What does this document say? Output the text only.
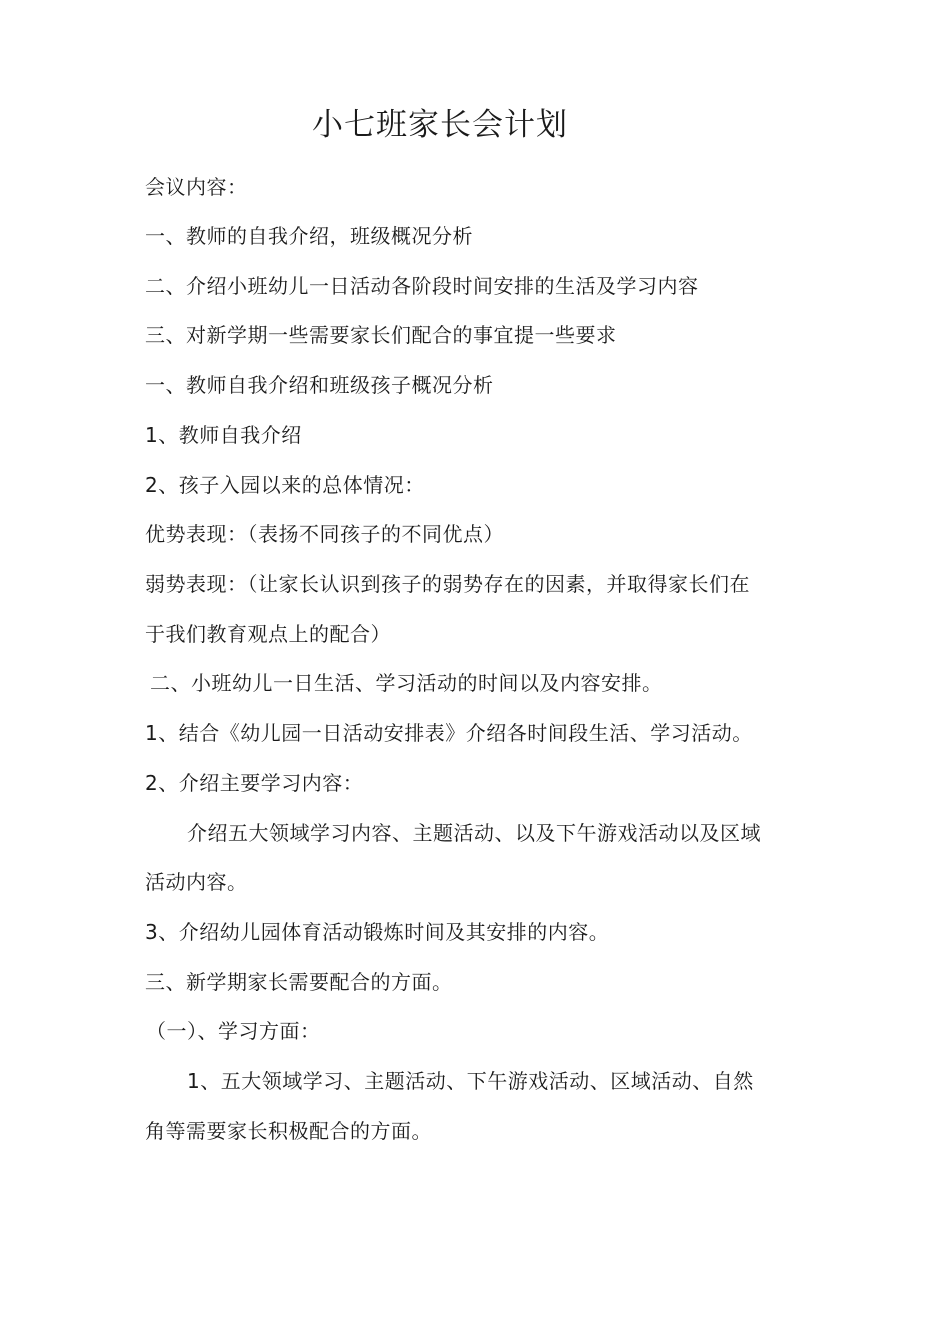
小七班家长会计划
会议内容：
一、教师的自我介绍，班级概况分析
二、介绍小班幼儿一日活动各阶段时间安排的生活及学习内容
三、对新学期一些需要家长们配合的事宜提一些要求
一、教师自我介绍和班级孩子概况分析
1、教师自我介绍
2、孩子入园以来的总体情况：
优势表现：（表扬不同孩子的不同优点）
弱势表现：（让家长认识到孩子的弱势存在的因素，并取得家长们在
于我们教育观点上的配合）
二、小班幼儿一日生活、学习活动的时间以及内容安排。
1、结合《幼儿园一日活动安排表》介绍各时间段生活、学习活动。
2、介绍主要学习内容：
介绍五大领域学习内容、主题活动、以及下午游戏活动以及区域
活动内容。
3、介绍幼儿园体育活动锻炼时间及其安排的内容。
三、新学期家长需要配合的方面。
（一）、学习方面：
1、五大领域学习、主题活动、下午游戏活动、区域活动、自然
角等需要家长积极配合的方面。
